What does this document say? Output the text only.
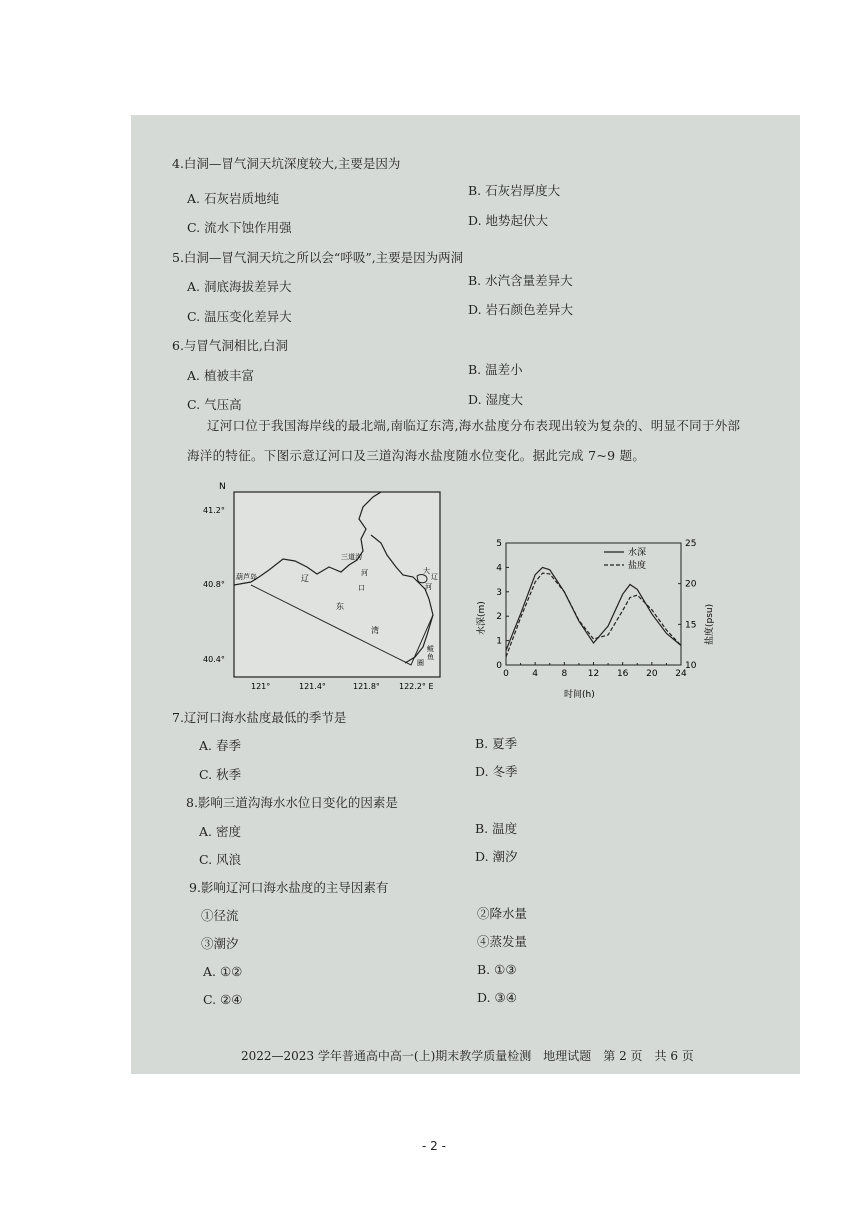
4.白洞—冒气洞天坑深度较大,主要是因为
A. 石灰岩质地纯
B. 石灰岩厚度大
C. 流水下蚀作用强	D. 地势起伏大
5.白洞—冒气洞天坑之所以会“呼吸”,主要是因为两洞
A. 洞底海拔差异大	B. 水汽含量差异大
C. 温压变化差异大	D. 岩石颜色差异大
6.与冒气洞相比,白洞
A. 植被丰富	B. 温差小
C. 气压高	D. 湿度大
辽河口位于我国海岸线的最北端,南临辽东湾,海水盐度分布表现出较为复杂的、明显不同于外部
海洋的特征。下图示意辽河口及三道沟海水盐度随水位变化。据此完成 7~9 题。
N
41.2°
40.8°
40.4°
121°	121.4°	121.8° 122.2° E
葫芦岛
三道沟
辽
东
湾
河
口
大
辽
河
鲅
鱼
圈
0	4	8 12 16 20 24
0
1
2
3
4
5
10
15
20
25
水深
盐度
时间(h)
水深(m)	盐度(psu)
7.辽河口海水盐度最低的季节是
A. 春季	B. 夏季
C. 秋季	D. 冬季
8.影响三道沟海水水位日变化的因素是
A. 密度	B. 温度
C. 风浪	D. 潮汐
9.影响辽河口海水盐度的主导因素有
①径流	②降水量
③潮汐	④蒸发量
A. ①②	B. ①③
C. ②④	D. ③④
2022—2023 学年普通高中高一(上)期末教学质量检测　地理试题　第 2 页　共 6 页
- 2 -
